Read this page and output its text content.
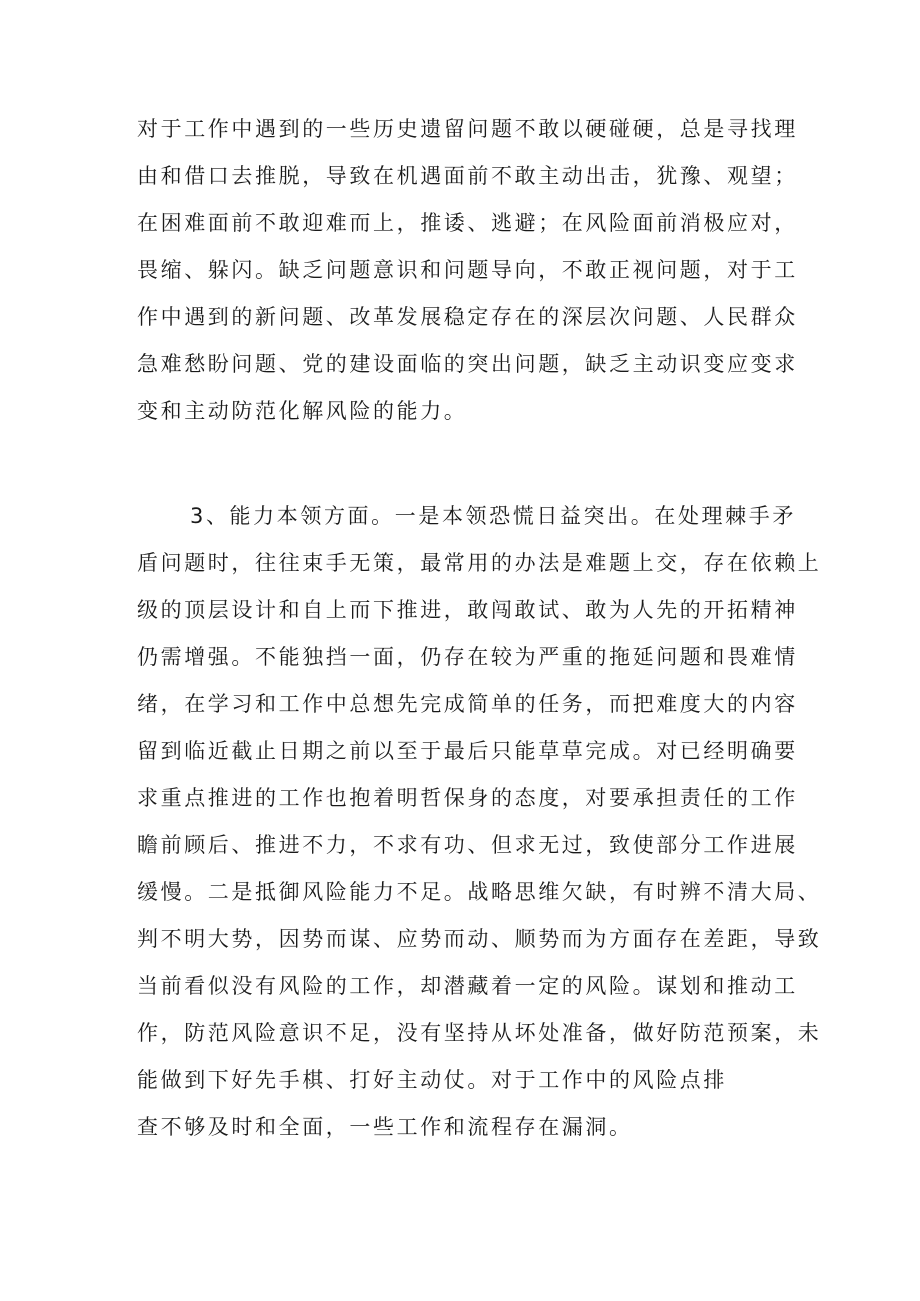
对于工作中遇到的一些历史遗留问题不敢以硬碰硬，总是寻找理
由和借口去推脱，导致在机遇面前不敢主动出击，犹豫、观望；
在困难面前不敢迎难而上，推诿、逃避；在风险面前消极应对，
畏缩、躲闪。缺乏问题意识和问题导向，不敢正视问题，对于工
作中遇到的新问题、改革发展稳定存在的深层次问题、人民群众
急难愁盼问题、党的建设面临的突出问题，缺乏主动识变应变求
变和主动防范化解风险的能力。
3、能力本领方面。一是本领恐慌日益突出。在处理棘手矛
盾问题时，往往束手无策，最常用的办法是难题上交，存在依赖上
级的顶层设计和自上而下推进，敢闯敢试、敢为人先的开拓精神
仍需增强。不能独挡一面，仍存在较为严重的拖延问题和畏难情
绪，在学习和工作中总想先完成简单的任务，而把难度大的内容
留到临近截止日期之前以至于最后只能草草完成。对已经明确要
求重点推进的工作也抱着明哲保身的态度，对要承担责任的工作
瞻前顾后、推进不力，不求有功、但求无过，致使部分工作进展
缓慢。二是抵御风险能力不足。战略思维欠缺，有时辨不清大局、
判不明大势，因势而谋、应势而动、顺势而为方面存在差距，导致
当前看似没有风险的工作，却潜藏着一定的风险。谋划和推动工
作，防范风险意识不足，没有坚持从坏处准备，做好防范预案，未
能做到下好先手棋、打好主动仗。对于工作中的风险点排
查不够及时和全面，一些工作和流程存在漏洞。
